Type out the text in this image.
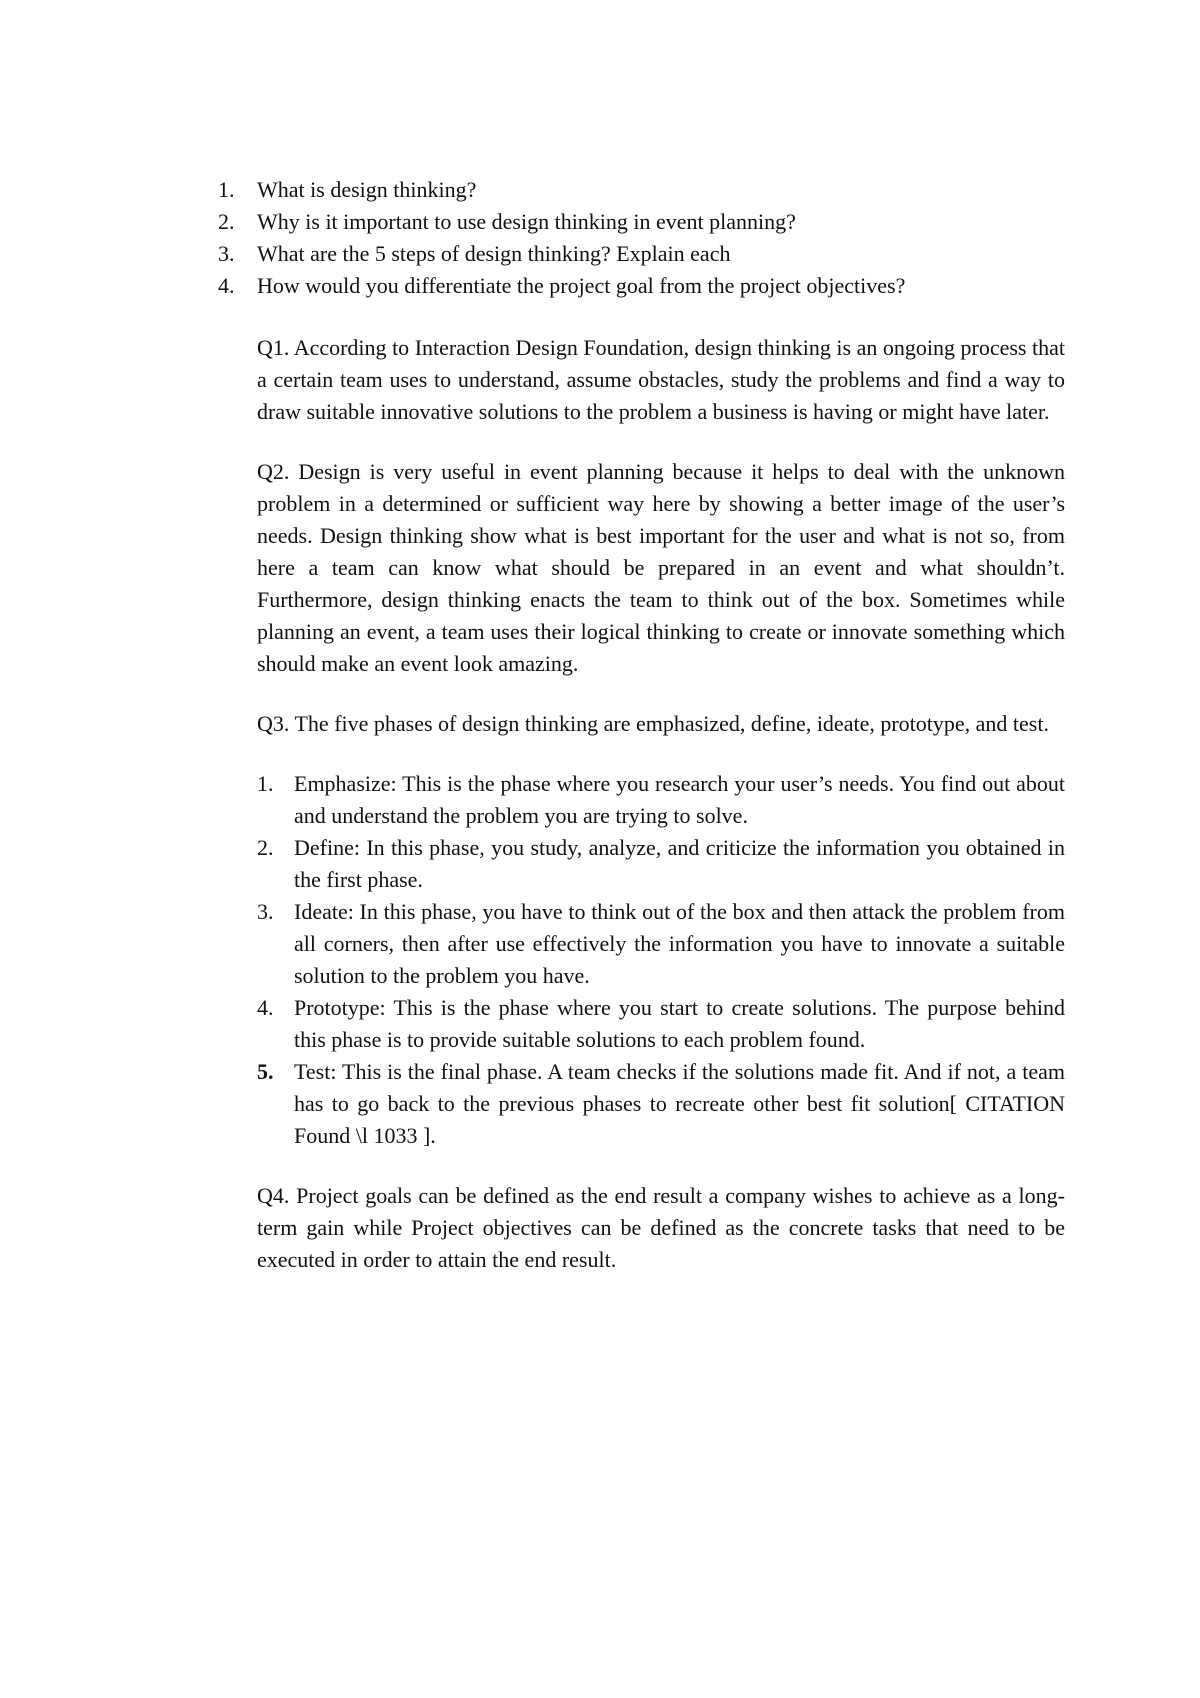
1. What is design thinking?
2. Why is it important to use design thinking in event planning?
3. What are the 5 steps of design thinking? Explain each
4. How would you differentiate the project goal from the project objectives?

Q1. According to Interaction Design Foundation, design thinking is an ongoing process that a certain team uses to understand, assume obstacles, study the problems and find a way to draw suitable innovative solutions to the problem a business is having or might have later.

Q2. Design is very useful in event planning because it helps to deal with the unknown problem in a determined or sufficient way here by showing a better image of the user’s needs. Design thinking show what is best important for the user and what is not so, from here a team can know what should be prepared in an event and what shouldn’t. Furthermore, design thinking enacts the team to think out of the box. Sometimes while planning an event, a team uses their logical thinking to create or innovate something which should make an event look amazing.

Q3. The five phases of design thinking are emphasized, define, ideate, prototype, and test.

1. Emphasize: This is the phase where you research your user’s needs. You find out about and understand the problem you are trying to solve.
2. Define: In this phase, you study, analyze, and criticize the information you obtained in the first phase.
3. Ideate: In this phase, you have to think out of the box and then attack the problem from all corners, then after use effectively the information you have to innovate a suitable solution to the problem you have.
4. Prototype: This is the phase where you start to create solutions. The purpose behind this phase is to provide suitable solutions to each problem found.
5. Test: This is the final phase. A team checks if the solutions made fit. And if not, a team has to go back to the previous phases to recreate other best fit solution[ CITATION Found \l 1033 ].

Q4. Project goals can be defined as the end result a company wishes to achieve as a long-term gain while Project objectives can be defined as the concrete tasks that need to be executed in order to attain the end result.
